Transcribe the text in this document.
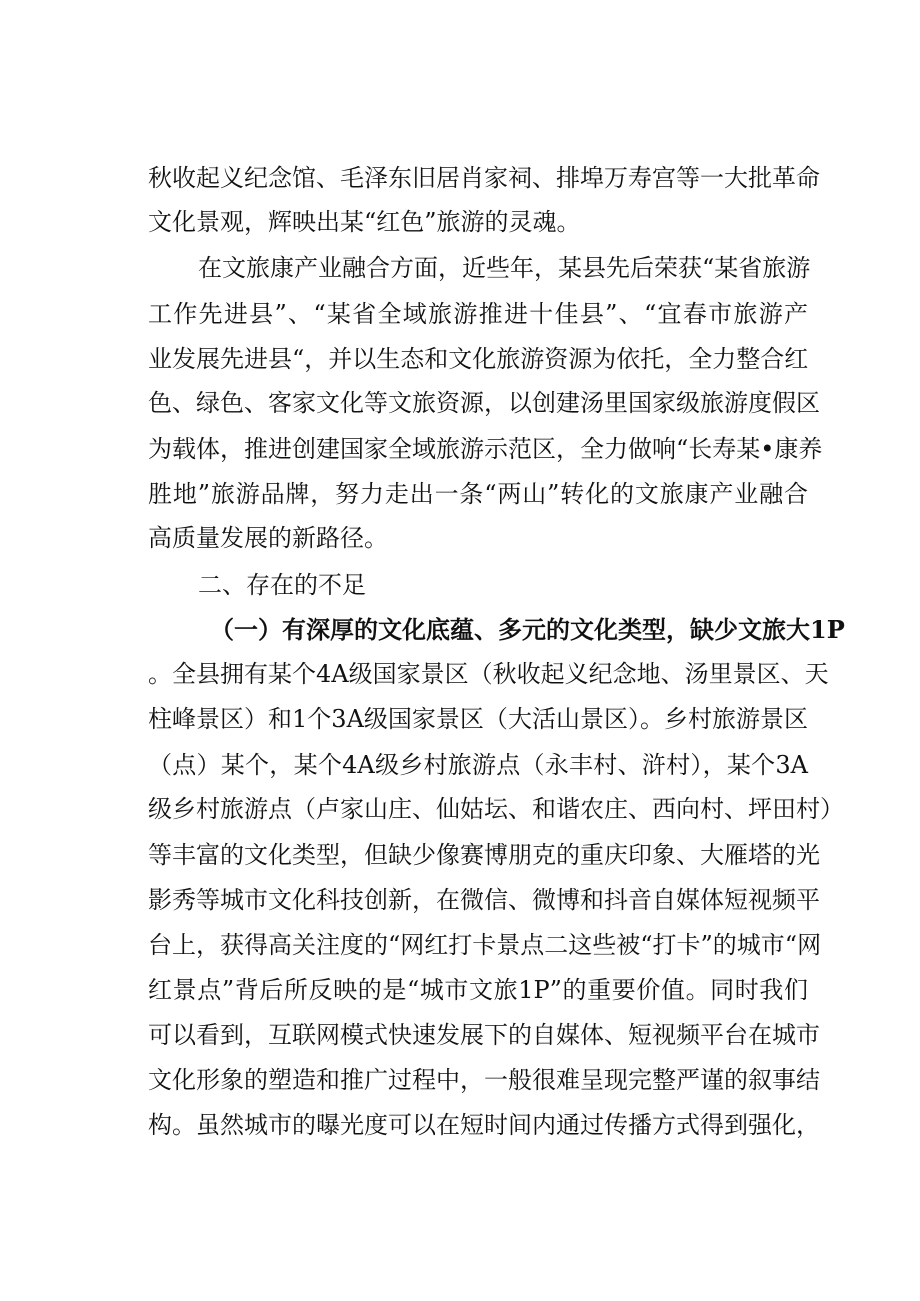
秋收起义纪念馆、毛泽东旧居肖家祠、排埠万寿宫等一大批革命
文化景观，辉映出某“红色”旅游的灵魂。
在文旅康产业融合方面，近些年，某县先后荣获“某省旅游
工作先进县”、“某省全域旅游推进十佳县”、“宜春市旅游产
业发展先进县“，并以生态和文化旅游资源为依托，全力整合红
色、绿色、客家文化等文旅资源，以创建汤里国家级旅游度假区
为载体，推进创建国家全域旅游示范区，全力做响“长寿某•康养
胜地”旅游品牌，努力走出一条“两山”转化的文旅康产业融合
高质量发展的新路径。
二、存在的不足
（一）有深厚的文化底蕴、多元的文化类型，缺少文旅大1P
。全县拥有某个4A级国家景区（秋收起义纪念地、汤里景区、天
柱峰景区）和1个3A级国家景区（大活山景区）。乡村旅游景区
（点）某个，某个4A级乡村旅游点（永丰村、浒村），某个3A
级乡村旅游点（卢家山庄、仙姑坛、和谐农庄、西向村、坪田村）
等丰富的文化类型，但缺少像赛博朋克的重庆印象、大雁塔的光
影秀等城市文化科技创新，在微信、微博和抖音自媒体短视频平
台上，获得高关注度的“网红打卡景点二这些被“打卡”的城市“网
红景点”背后所反映的是“城市文旅1P”的重要价值。同时我们
可以看到，互联网模式快速发展下的自媒体、短视频平台在城市
文化形象的塑造和推广过程中，一般很难呈现完整严谨的叙事结
构。虽然城市的曝光度可以在短时间内通过传播方式得到强化，
